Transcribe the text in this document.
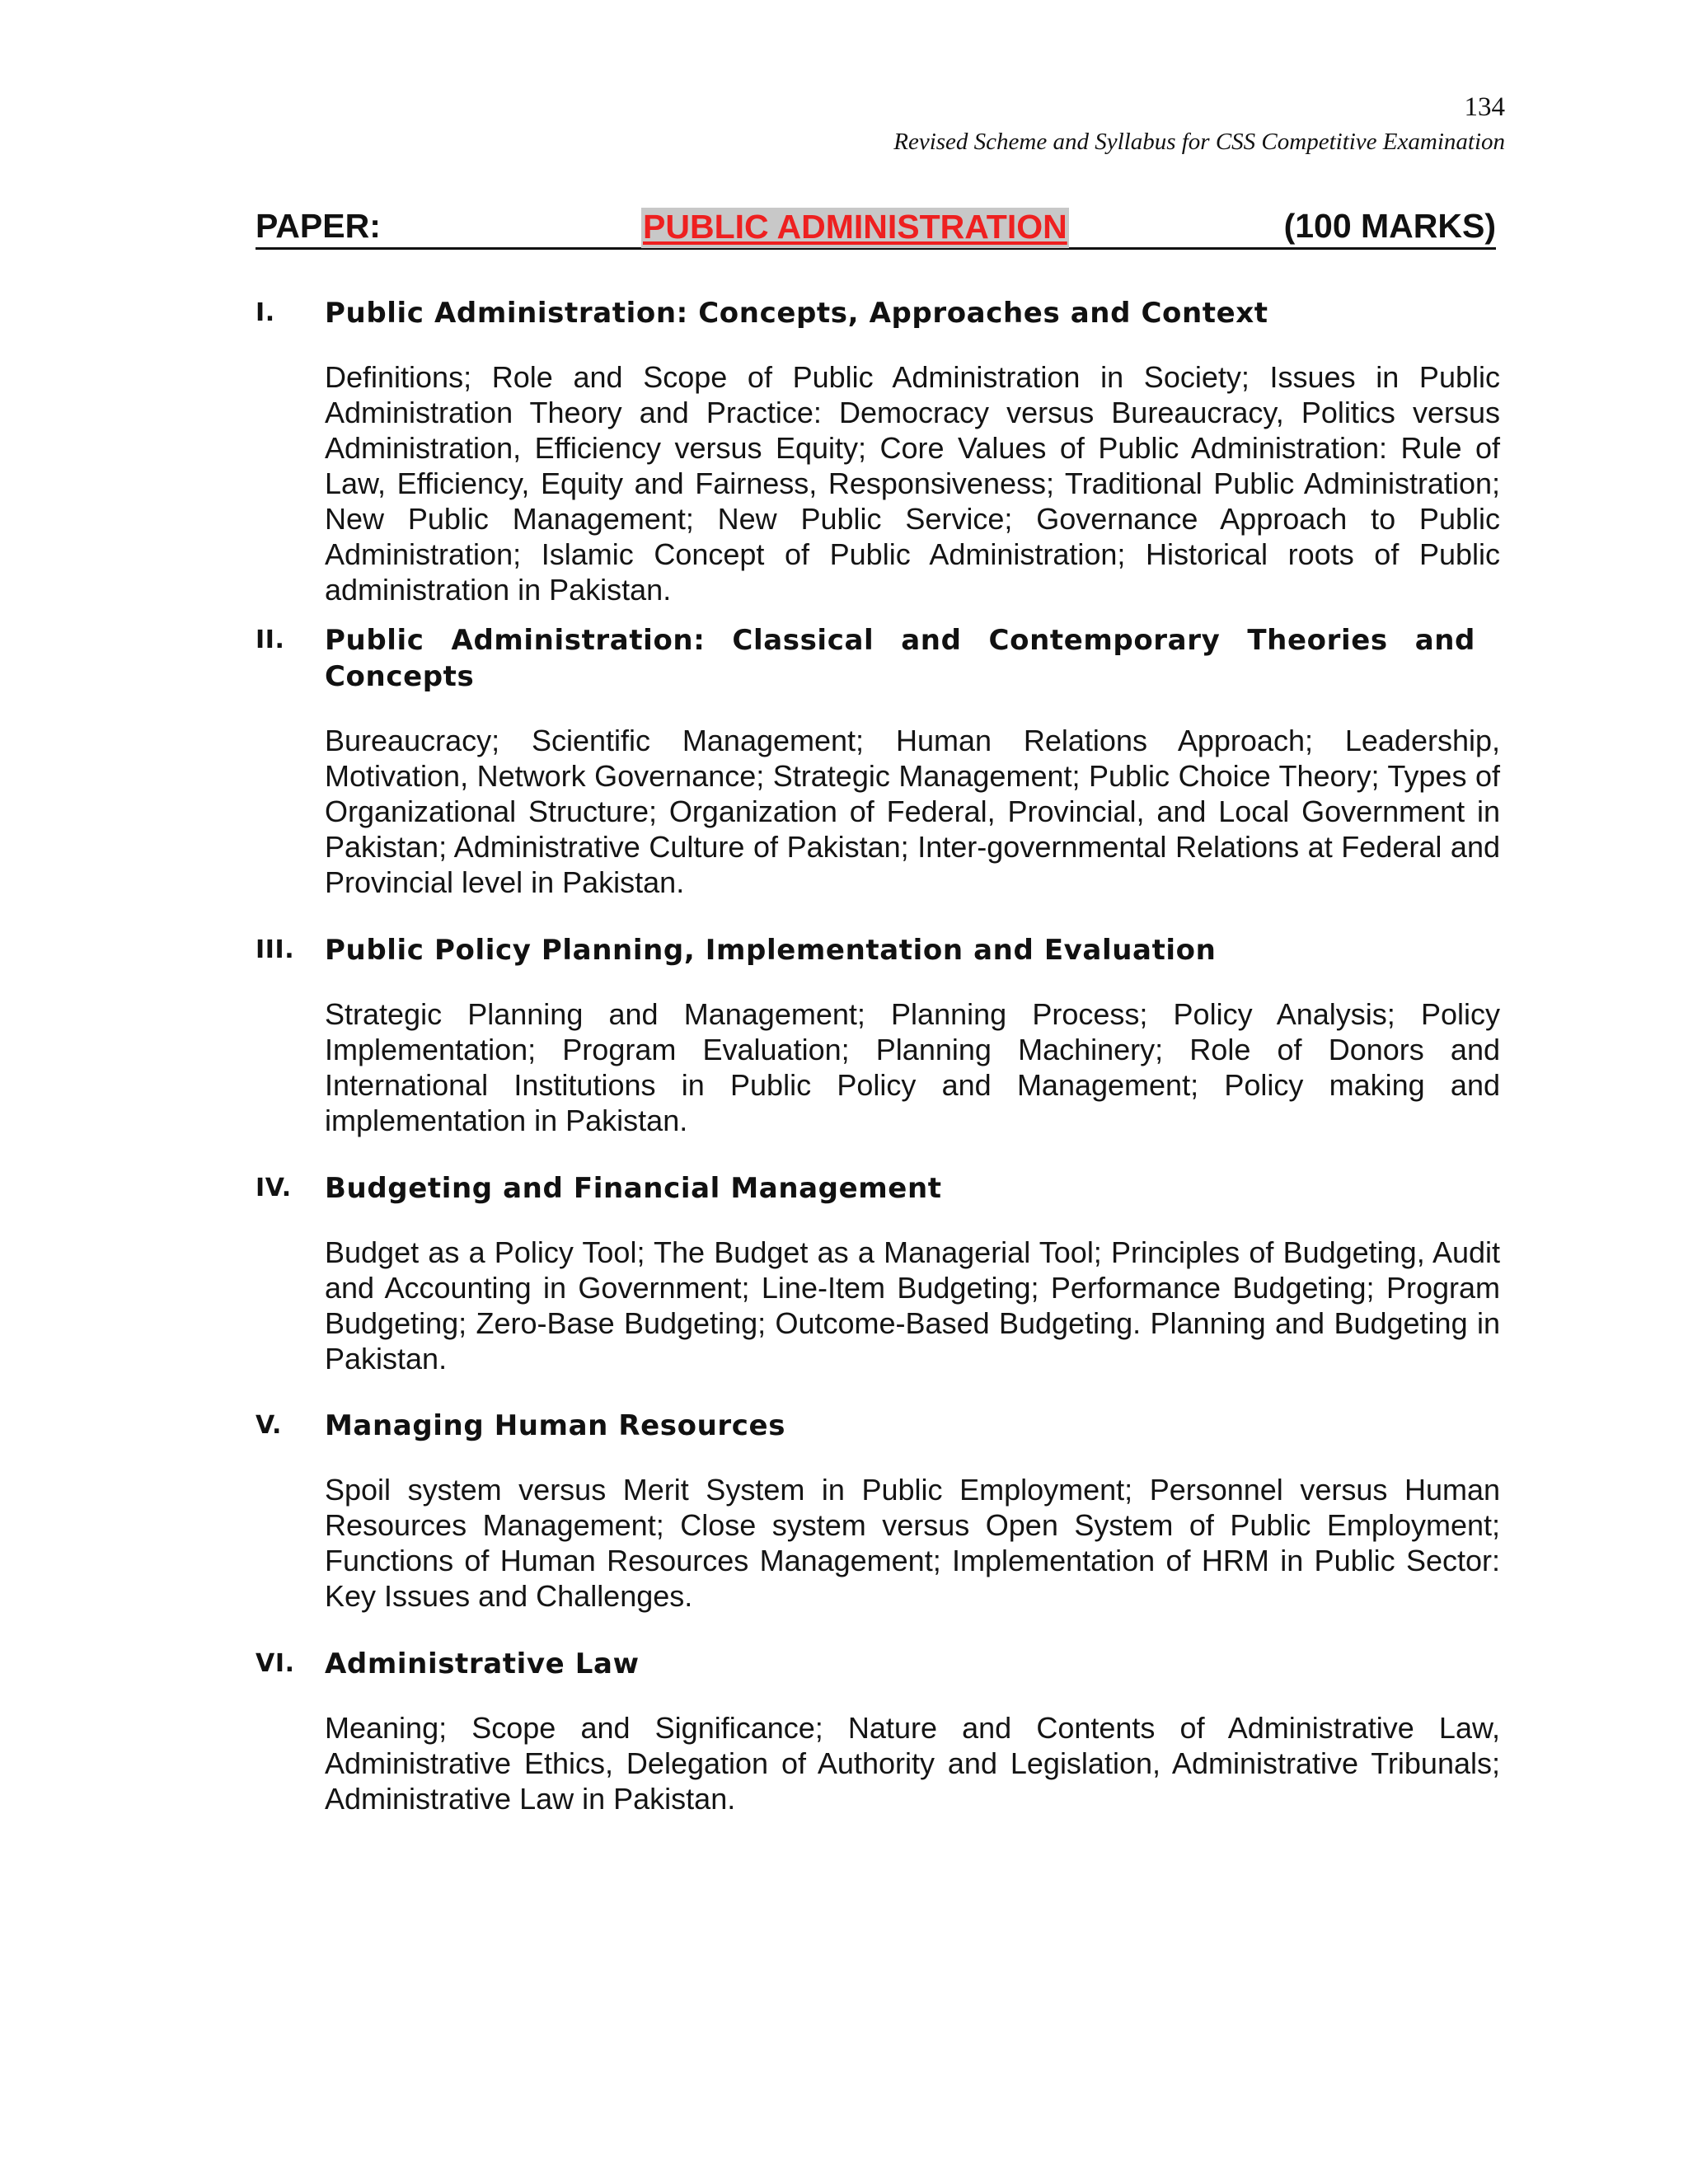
134
Revised Scheme and Syllabus for CSS Competitive Examination
PAPER:	PUBLIC ADMINISTRATION	(100 MARKS)
I.	Public Administration: Concepts, Approaches and Context
Definitions; Role and Scope of Public Administration in Society; Issues in Public Administration Theory and Practice: Democracy versus Bureaucracy, Politics versus Administration, Efficiency versus Equity; Core Values of Public Administration: Rule of Law, Efficiency, Equity and Fairness, Responsiveness; Traditional Public Administration; New Public Management; New Public Service; Governance Approach to Public Administration; Islamic Concept of Public Administration; Historical roots of Public administration in Pakistan.
II.	Public Administration: Classical and Contemporary Theories and Concepts
Bureaucracy; Scientific Management; Human Relations Approach; Leadership, Motivation, Network Governance; Strategic Management; Public Choice Theory; Types of Organizational Structure; Organization of Federal, Provincial, and Local Government in Pakistan; Administrative Culture of Pakistan; Inter-governmental Relations at Federal and Provincial level in Pakistan.
III.	Public Policy Planning, Implementation and Evaluation
Strategic Planning and Management; Planning Process; Policy Analysis; Policy Implementation; Program Evaluation; Planning Machinery; Role of Donors and International Institutions in Public Policy and Management; Policy making and implementation in Pakistan.
IV.	Budgeting and Financial Management
Budget as a Policy Tool; The Budget as a Managerial Tool; Principles of Budgeting, Audit and Accounting in Government; Line-Item Budgeting; Performance Budgeting; Program Budgeting; Zero-Base Budgeting; Outcome-Based Budgeting. Planning and Budgeting in Pakistan.
V.	Managing Human Resources
Spoil system versus Merit System in Public Employment; Personnel versus Human Resources Management; Close system versus Open System of Public Employment; Functions of Human Resources Management; Implementation of HRM in Public Sector: Key Issues and Challenges.
VI.	Administrative Law
Meaning; Scope and Significance; Nature and Contents of Administrative Law, Administrative Ethics, Delegation of Authority and Legislation, Administrative Tribunals; Administrative Law in Pakistan.
